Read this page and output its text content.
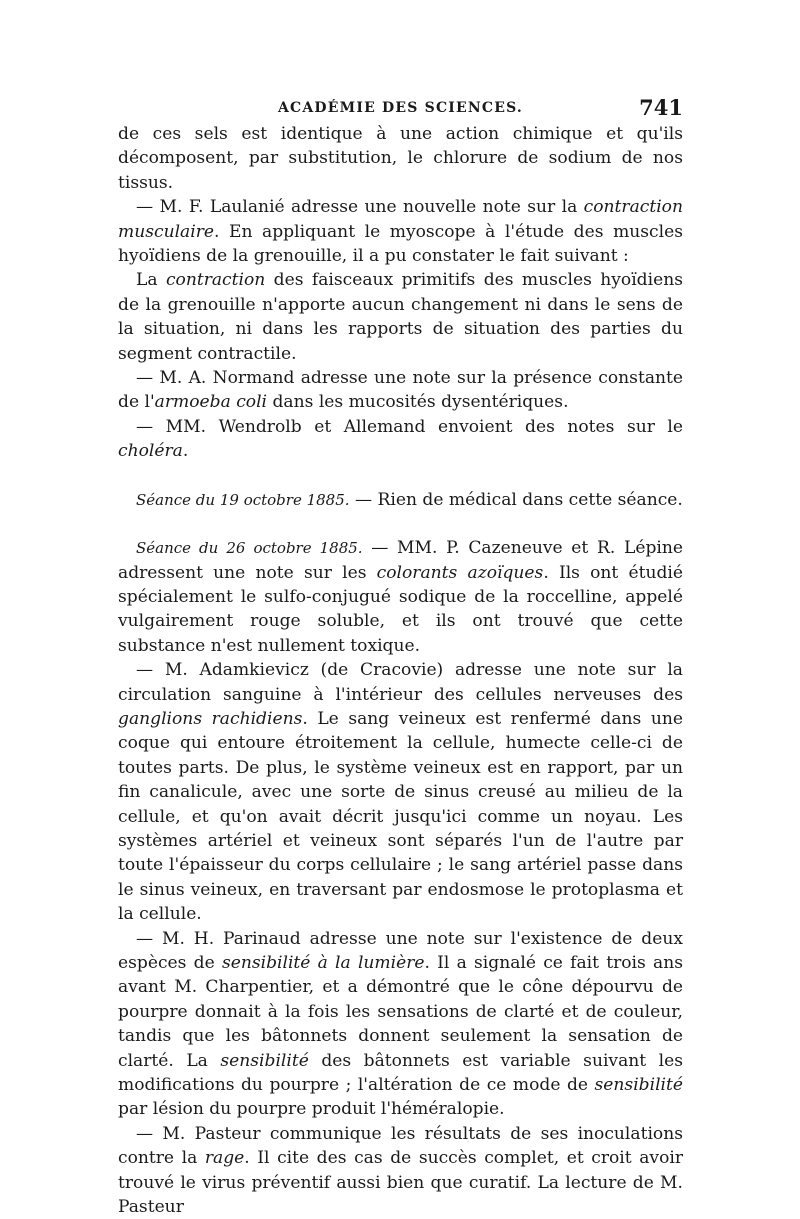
ACADÉMIE DES SCIENCES.	741

de ces sels est identique à une action chimique et qu'ils décomposent, par substitution, le chlorure de sodium de nos tissus.

— M. F. Laulanié adresse une nouvelle note sur la contraction musculaire. En appliquant le myoscope à l'étude des muscles hyoïdiens de la grenouille, il a pu constater le fait suivant :

La contraction des faisceaux primitifs des muscles hyoïdiens de la grenouille n'apporte aucun changement ni dans le sens de la situation, ni dans les rapports de situation des parties du segment contractile.

— M. A. Normand adresse une note sur la présence constante de l'armoeba coli dans les mucosités dysentériques.

— MM. Wendrolb et Allemand envoient des notes sur le choléra.

Séance du 19 octobre 1885. — Rien de médical dans cette séance.

Séance du 26 octobre 1885. — MM. P. Cazeneuve et R. Lépine adressent une note sur les colorants azoïques. Ils ont étudié spécialement le sulfo-conjugué sodique de la roccelline, appelé vulgairement rouge soluble, et ils ont trouvé que cette substance n'est nullement toxique.

— M. Adamkievicz (de Cracovie) adresse une note sur la circulation sanguine à l'intérieur des cellules nerveuses des ganglions rachidiens. Le sang veineux est renfermé dans une coque qui entoure étroitement la cellule, humecte celle-ci de toutes parts. De plus, le système veineux est en rapport, par un fin canalicule, avec une sorte de sinus creusé au milieu de la cellule, et qu'on avait décrit jusqu'ici comme un noyau. Les systèmes artériel et veineux sont séparés l'un de l'autre par toute l'épaisseur du corps cellulaire ; le sang artériel passe dans le sinus veineux, en traversant par endosmose le protoplasma et la cellule.

— M. H. Parinaud adresse une note sur l'existence de deux espèces de sensibilité à la lumière. Il a signalé ce fait trois ans avant M. Charpentier, et a démontré que le cône dépourvu de pourpre donnait à la fois les sensations de clarté et de couleur, tandis que les bâtonnets donnent seulement la sensation de clarté. La sensibilité des bâtonnets est variable suivant les modifications du pourpre ; l'altération de ce mode de sensibilité par lésion du pourpre produit l'héméralopie.

— M. Pasteur communique les résultats de ses inoculations contre la rage. Il cite des cas de succès complet, et croit avoir trouvé le virus préventif aussi bien que curatif. La lecture de M. Pasteur
